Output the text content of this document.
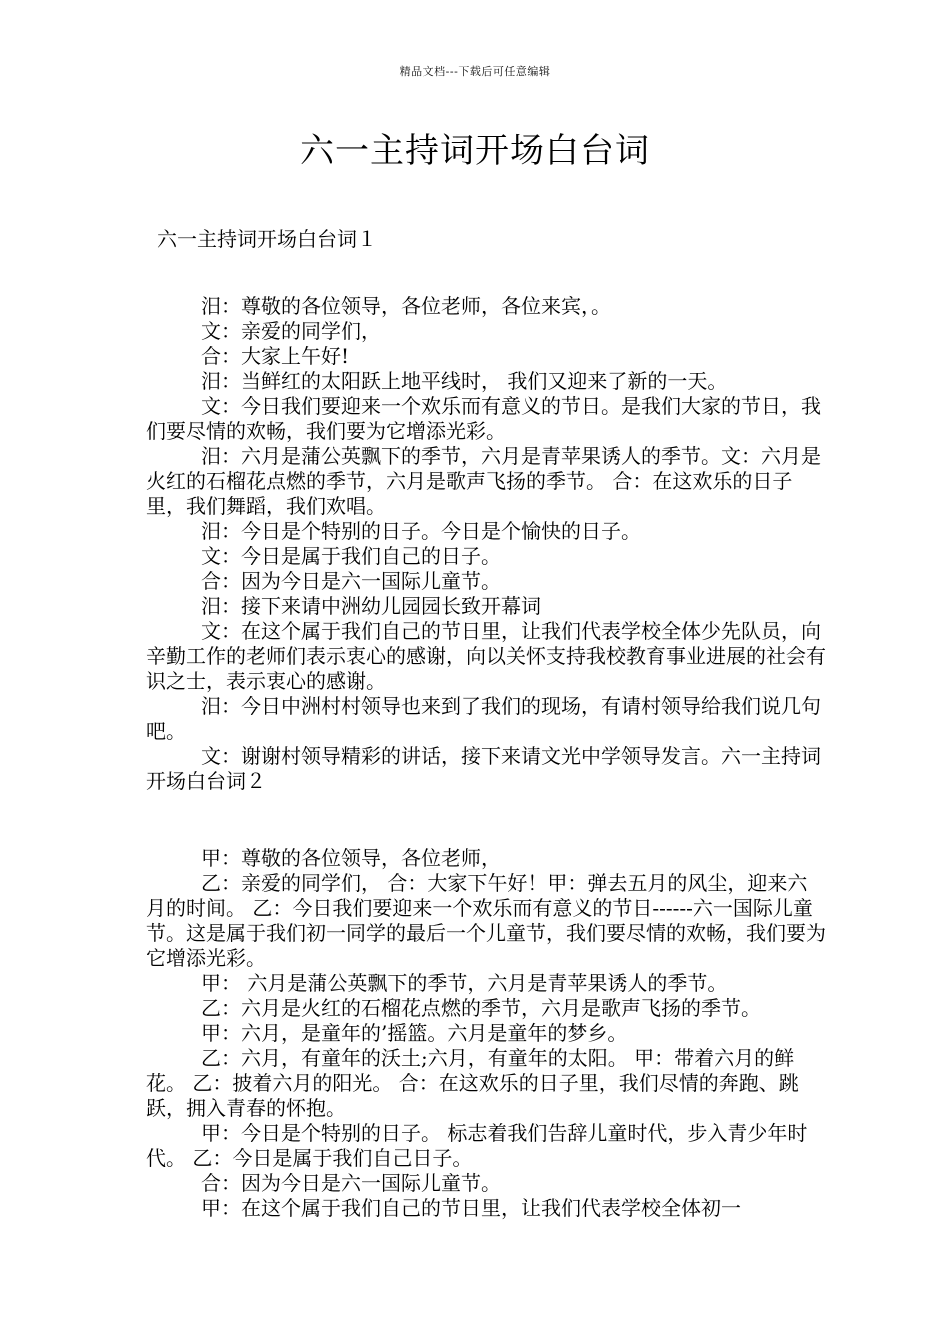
精品文档---下载后可任意编辑
六一主持词开场白台词
六一主持词开场白台词１

汨：尊敬的各位领导，各位老师，各位来宾，。

文：亲爱的同学们，

合：大家上午好!

汨：当鲜红的太阳跃上地平线时， 我们又迎来了新的一天。

文：今日我们要迎来一个欢乐而有意义的节日。是我们大家的节日，我们要尽情的欢畅，我们要为它增添光彩。

汨：六月是蒲公英飘下的季节，六月是青苹果诱人的季节。文：六月是火红的石榴花点燃的季节，六月是歌声飞扬的季节。 合：在这欢乐的日子里，我们舞蹈，我们欢唱。

汨：今日是个特别的日子。今日是个愉快的日子。

文：今日是属于我们自己的日子。

合：因为今日是六一国际儿童节。

汨：接下来请中洲幼儿园园长致开幕词

文：在这个属于我们自己的节日里，让我们代表学校全体少先队员，向辛勤工作的老师们表示衷心的感谢，向以关怀支持我校教育事业进展的社会有识之士，表示衷心的感谢。

汨：今日中洲村村领导也来到了我们的现场，有请村领导给我们说几句吧。

文：谢谢村领导精彩的讲话，接下来请文光中学领导发言。六一主持词开场白台词２

甲：尊敬的各位领导，各位老师，

乙：亲爱的同学们， 合：大家下午好！甲：弹去五月的风尘，迎来六月的时间。 乙：今日我们要迎来一个欢乐而有意义的节日------六一国际儿童节。这是属于我们初一同学的最后一个儿童节，我们要尽情的欢畅，我们要为它增添光彩。

甲： 六月是蒲公英飘下的季节，六月是青苹果诱人的季节。

乙：六月是火红的石榴花点燃的季节，六月是歌声飞扬的季节。

甲：六月，是童年的’摇篮。六月是童年的梦乡。

乙：六月，有童年的沃土;六月，有童年的太阳。 甲：带着六月的鲜花。 乙：披着六月的阳光。 合：在这欢乐的日子里，我们尽情的奔跑、跳跃，拥入青春的怀抱。

甲：今日是个特别的日子。 标志着我们告辞儿童时代，步入青少年时代。 乙：今日是属于我们自己日子。

合：因为今日是六一国际儿童节。

甲：在这个属于我们自己的节日里，让我们代表学校全体初一
